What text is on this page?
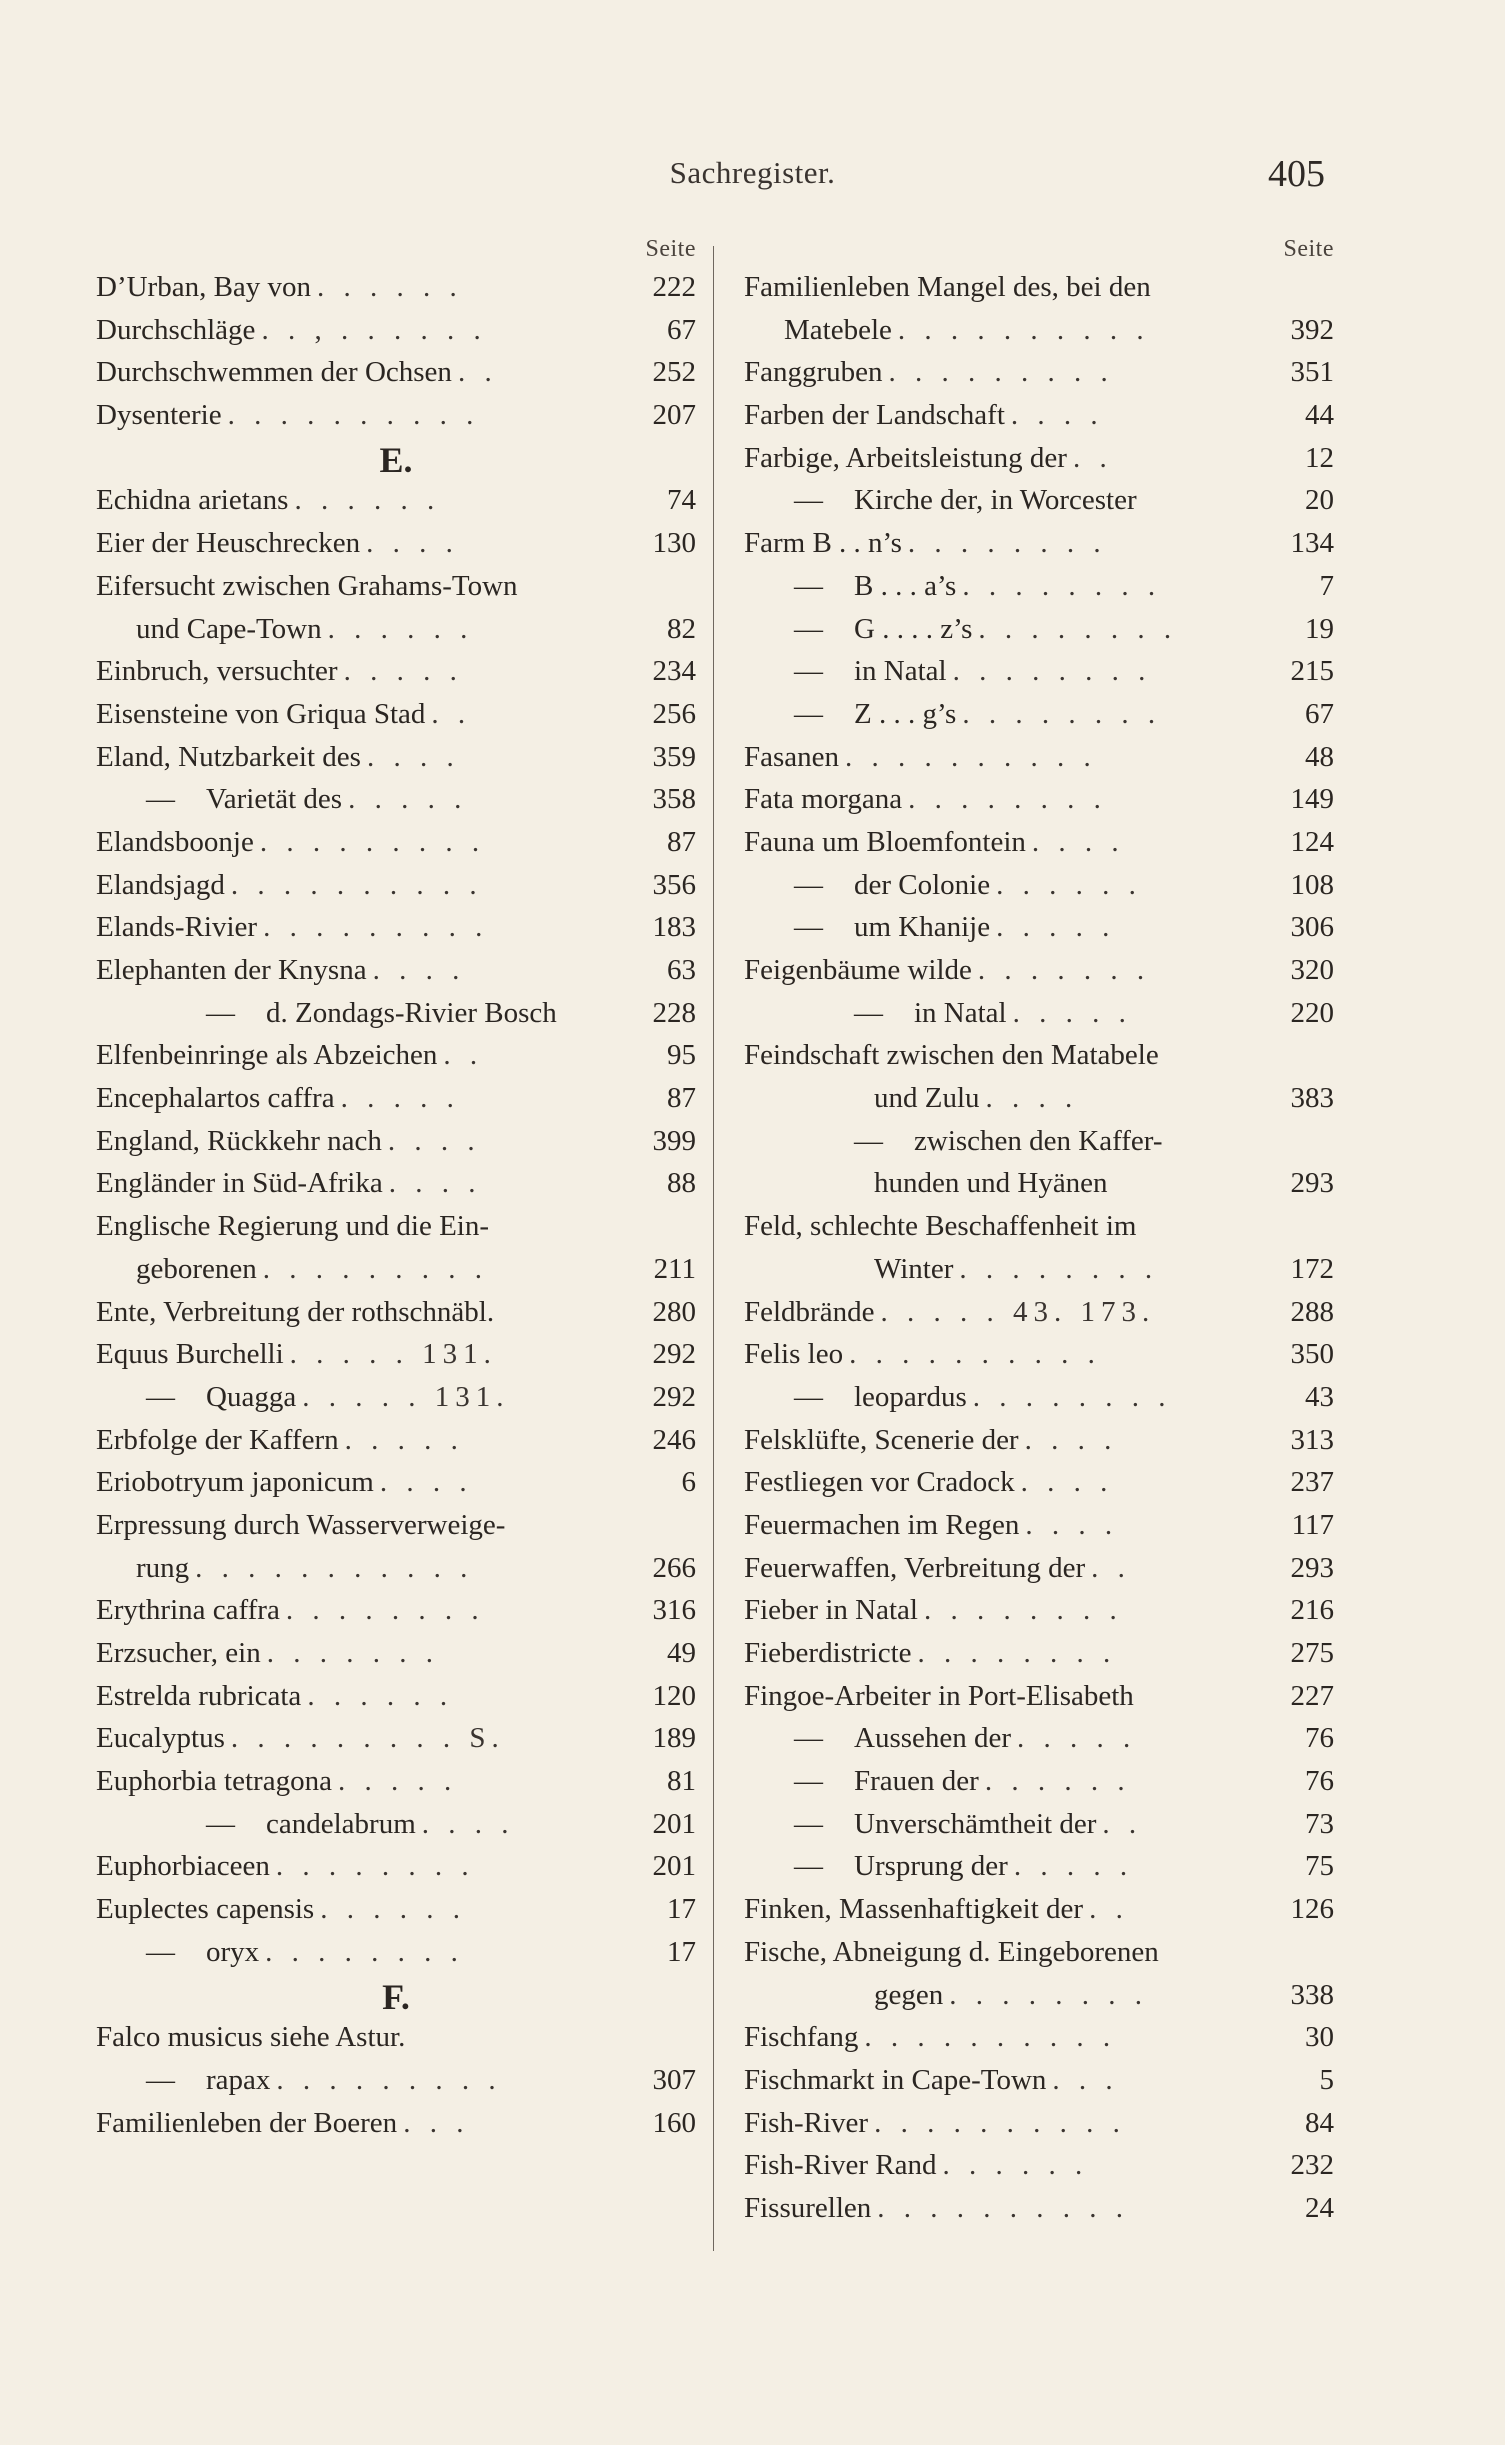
Sachregister.	405
Seite
D’Urban, Bay von . . . . . .	222
Durchschläge . . , . . . . . .	67
Durchschwemmen der Ochsen . .	252
Dysenterie . . . . . . . . . .	207
E.
Echidna arietans . . . . . .	74
Eier der Heuschrecken . . . .	130
Eifersucht zwischen Grahams-Town
und Cape-Town . . . . . .	82
Einbruch, versuchter . . . . .	234
Eisensteine von Griqua Stad . .	256
Eland, Nutzbarkeit des . . . .	359
—	Varietät des . . . . .	358
Elandsboonje . . . . . . . . .	87
Elandsjagd . . . . . . . . . .	356
Elands-Rivier . . . . . . . . .	183
Elephanten der Knysna . . . .	63
—	d. Zondags-Rivier Bosch	228
Elfenbeinringe als Abzeichen . .	95
Encephalartos caffra . . . . .	87
England, Rückkehr nach . . . .	399
Engländer in Süd-Afrika . . . .	88
Englische Regierung und die Ein-
geborenen . . . . . . . . .	211
Ente, Verbreitung der rothschnäbl.	280
Equus Burchelli . . . . . 131.	292
—	Quagga . . . . . 131.	292
Erbfolge der Kaffern . . . . .	246
Eriobotryum japonicum . . . .	6
Erpressung durch Wasserverweige-
rung . . . . . . . . . . .	266
Erythrina caffra . . . . . . . .	316
Erzsucher, ein . . . . . . .	49
Estrelda rubricata . . . . . .	120
Eucalyptus . . . . . . . . . S.	189
Euphorbia tetragona . . . . .	81
—	candelabrum . . . .	201
Euphorbiaceen . . . . . . . .	201
Euplectes capensis . . . . . .	17
—	oryx . . . . . . . .	17
F.
Falco musicus siehe Astur.
—	rapax . . . . . . . . .	307
Familienleben der Boeren . . .	160
Seite
Familienleben Mangel des, bei den
Matebele . . . . . . . . . .	392
Fanggruben . . . . . . . . .	351
Farben der Landschaft . . . .	44
Farbige, Arbeitsleistung der . .	12
—	Kirche der, in Worcester	20
Farm B . . n’s . . . . . . . .	134
—	B . . . a’s . . . . . . . .	7
—	G . . . . z’s . . . . . . . .	19
—	in Natal . . . . . . . .	215
—	Z . . . g’s . . . . . . . .	67
Fasanen . . . . . . . . . .	48
Fata morgana . . . . . . . .	149
Fauna um Bloemfontein . . . .	124
—	der Colonie . . . . . .	108
—	um Khanije . . . . .	306
Feigenbäume wilde . . . . . . .	320
—	in Natal . . . . .	220
Feindschaft zwischen den Matabele
und Zulu . . . .	383
—	zwischen den Kaffer-
hunden und Hyänen	293
Feld, schlechte Beschaffenheit im
Winter . . . . . . . .	172
Feldbrände . . . . . 43. 173.	288
Felis leo . . . . . . . . . .	350
—	leopardus . . . . . . . .	43
Felsklüfte, Scenerie der . . . .	313
Festliegen vor Cradock . . . .	237
Feuermachen im Regen . . . .	117
Feuerwaffen, Verbreitung der . .	293
Fieber in Natal . . . . . . . .	216
Fieberdistricte . . . . . . . .	275
Fingoe-Arbeiter in Port-Elisabeth	227
—	Aussehen der . . . . .	76
—	Frauen der . . . . . .	76
—	Unverschämtheit der . .	73
—	Ursprung der . . . . .	75
Finken, Massenhaftigkeit der . .	126
Fische, Abneigung d. Eingeborenen
gegen . . . . . . . .	338
Fischfang . . . . . . . . . .	30
Fischmarkt in Cape-Town . . .	5
Fish-River . . . . . . . . . .	84
Fish-River Rand . . . . . .	232
Fissurellen . . . . . . . . . .	24
